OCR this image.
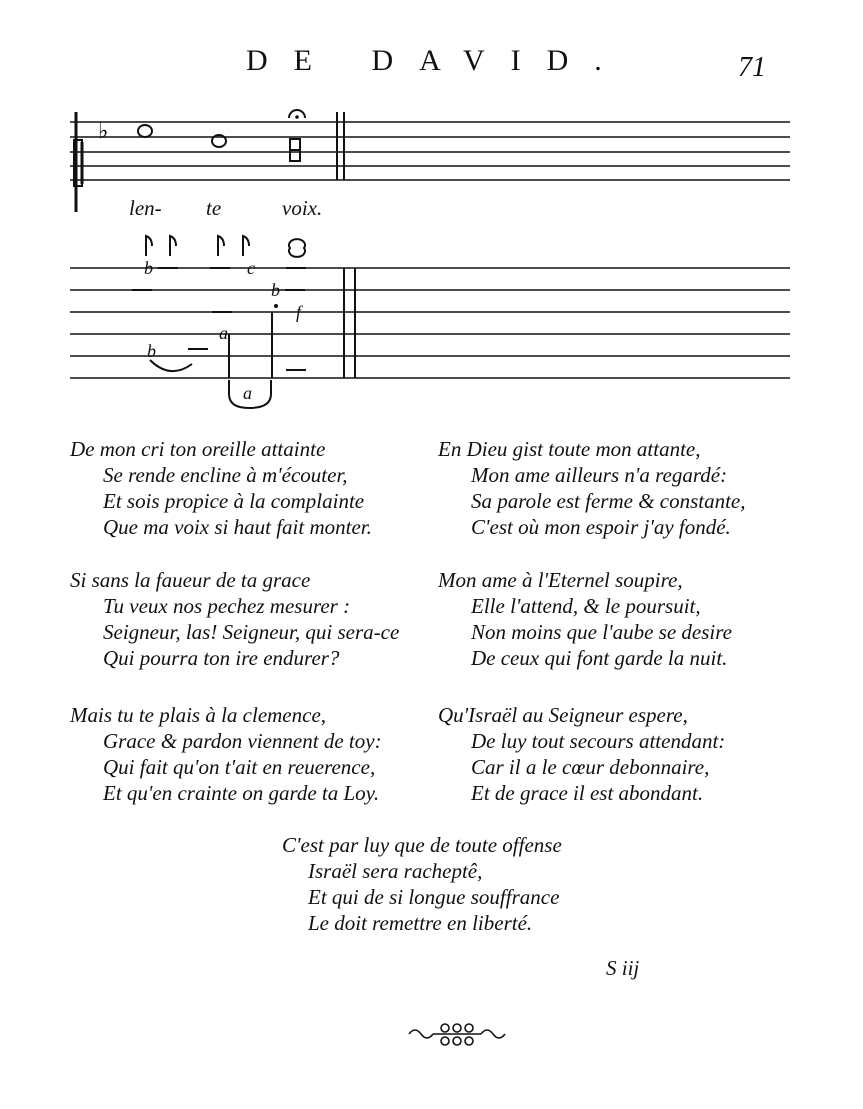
DE DAVID.	71
♭
b	c
b
f
a
b
a
len- te	voix.
De mon cri ton oreille attainte
Se rende encline à m'écouter,
Et sois propice à la complainte
Que ma voix si haut fait monter.
Si sans la faueur de ta grace
Tu veux nos pechez mesurer :
Seigneur, las! Seigneur, qui sera-ce
Qui pourra ton ire endurer?
Mais tu te plais à la clemence,
Grace & pardon viennent de toy:
Qui fait qu'on t'ait en reuerence,
Et qu'en crainte on garde ta Loy.
En Dieu gist toute mon attante,
Mon ame ailleurs n'a regardé:
Sa parole est ferme & constante,
C'est où mon espoir j'ay fondé.
Mon ame à l'Eternel soupire,
Elle l'attend, & le poursuit,
Non moins que l'aube se desire
De ceux qui font garde la nuit.
Qu'Israël au Seigneur espere,
De luy tout secours attendant:
Car il a le cœur debonnaire,
Et de grace il est abondant.
C'est par luy que de toute offense
Israël sera racheptê,
Et qui de si longue souffrance
Le doit remettre en liberté.
S iij
